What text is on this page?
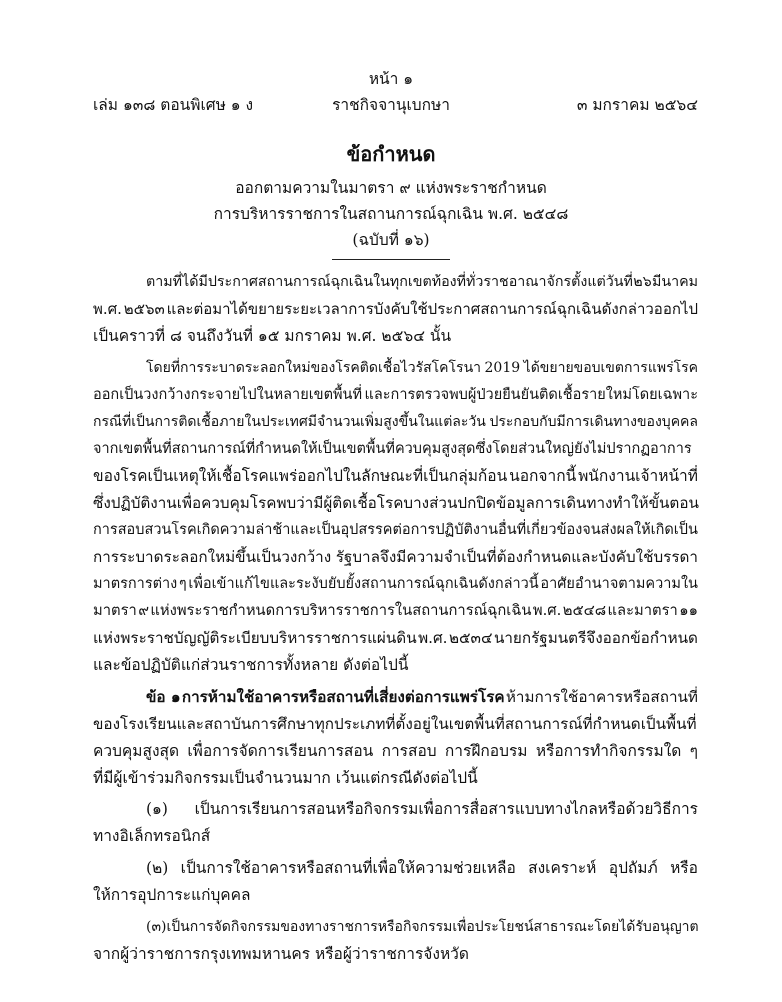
หน้า ๑
เล่ม ๑๓๘ ตอนพิเศษ ๑ ง	ราชกิจจานุเบกษา	๓ มกราคม ๒๕๖๔
ข้อกำหนด
ออกตามความในมาตรา ๙ แห่งพระราชกำหนด
การบริหารราชการในสถานการณ์ฉุกเฉิน พ.ศ. ๒๕๔๘
(ฉบับที่ ๑๖)
ตามที่ได้มีประกาศสถานการณ์ฉุกเฉินในทุกเขตท้องที่ทั่วราชอาณาจักรตั้งแต่วันที่ ๒๖ มีนาคม
พ.ศ. ๒๕๖๓ และต่อมาได้ขยายระยะเวลาการบังคับใช้ประกาศสถานการณ์ฉุกเฉินดังกล่าวออกไป
เป็นคราวที่ ๘ จนถึงวันที่ ๑๕ มกราคม พ.ศ. ๒๕๖๔ นั้น
โดยที่การระบาดระลอกใหม่ของโรคติดเชื้อไวรัสโคโรนา 2019 ได้ขยายขอบเขตการแพร่โรค
ออกเป็นวงกว้างกระจายไปในหลายเขตพื้นที่ และการตรวจพบผู้ป่วยยืนยันติดเชื้อรายใหม่โดยเฉพาะ
กรณีที่เป็นการติดเชื้อภายในประเทศมีจำนวนเพิ่มสูงขึ้นในแต่ละวัน ประกอบกับมีการเดินทางของบุคคล
จากเขตพื้นที่สถานการณ์ที่กำหนดให้เป็นเขตพื้นที่ควบคุมสูงสุดซึ่งโดยส่วนใหญ่ยังไม่ปรากฏอาการ
ของโรคเป็นเหตุให้เชื้อโรคแพร่ออกไปในลักษณะที่เป็นกลุ่มก้อน นอกจากนี้ พนักงานเจ้าหน้าที่
ซึ่งปฏิบัติงานเพื่อควบคุมโรคพบว่า มีผู้ติดเชื้อโรคบางส่วนปกปิดข้อมูลการเดินทางทำให้ขั้นตอน
การสอบสวนโรคเกิดความล่าช้าและเป็นอุปสรรคต่อการปฏิบัติงานอื่นที่เกี่ยวข้องจนส่งผลให้เกิดเป็น
การระบาดระลอกใหม่ขึ้นเป็นวงกว้าง รัฐบาลจึงมีความจำเป็นที่ต้องกำหนดและบังคับใช้บรรดา
มาตรการต่าง ๆ เพื่อเข้าแก้ไขและระงับยับยั้งสถานการณ์ฉุกเฉินดังกล่าวนี้ อาศัยอำนาจตามความใน
มาตรา ๙ แห่งพระราชกำหนดการบริหารราชการในสถานการณ์ฉุกเฉิน พ.ศ. ๒๕๔๘ และมาตรา ๑๑
แห่งพระราชบัญญัติระเบียบบริหารราชการแผ่นดิน พ.ศ. ๒๕๓๔ นายกรัฐมนตรีจึงออกข้อกำหนด
และข้อปฏิบัติแก่ส่วนราชการทั้งหลาย ดังต่อไปนี้
ข้อ ๑ การห้ามใช้อาคารหรือสถานที่เสี่ยงต่อการแพร่โรค ห้ามการใช้อาคารหรือสถานที่
ของโรงเรียนและสถาบันการศึกษาทุกประเภทที่ตั้งอยู่ในเขตพื้นที่สถานการณ์ที่กำหนดเป็นพื้นที่
ควบคุมสูงสุด เพื่อการจัดการเรียนการสอน การสอบ การฝึกอบรม หรือการทำกิจกรรมใด ๆ
ที่มีผู้เข้าร่วมกิจกรรมเป็นจำนวนมาก เว้นแต่กรณีดังต่อไปนี้
(๑) เป็นการเรียนการสอนหรือกิจกรรมเพื่อการสื่อสารแบบทางไกลหรือด้วยวิธีการ
ทางอิเล็กทรอนิกส์
(๒) เป็นการใช้อาคารหรือสถานที่เพื่อให้ความช่วยเหลือ สงเคราะห์ อุปถัมภ์ หรือ
ให้การอุปการะแก่บุคคล
(๓) เป็นการจัดกิจกรรมของทางราชการหรือกิจกรรมเพื่อประโยชน์สาธารณะ โดยได้รับอนุญาต
จากผู้ว่าราชการกรุงเทพมหานคร หรือผู้ว่าราชการจังหวัด
